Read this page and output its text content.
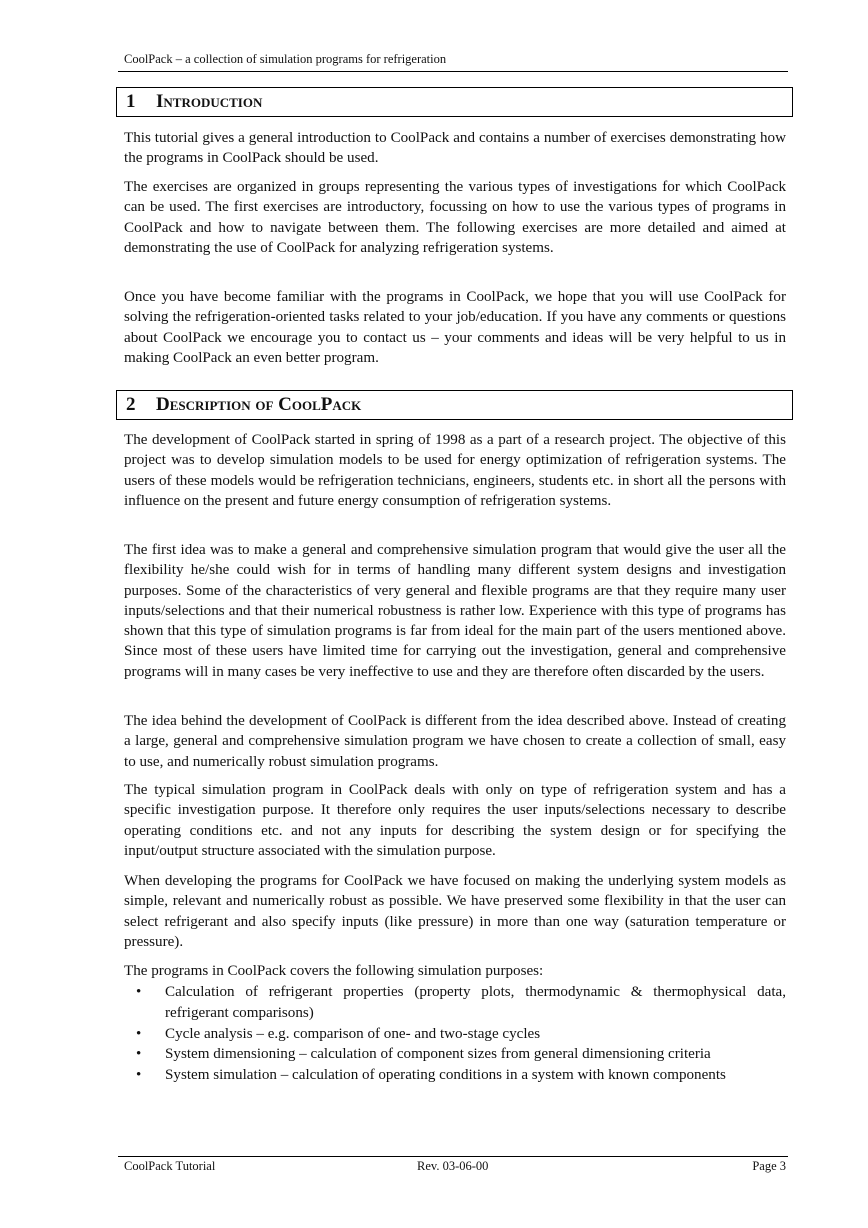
CoolPack – a collection of simulation programs for refrigeration
1	Introduction

This tutorial gives a general introduction to CoolPack and contains a number of exercises demonstrating how the programs in CoolPack should be used.

The exercises are organized in groups representing the various types of investigations for which CoolPack can be used. The first exercises are introductory, focussing on how to use the various types of programs in CoolPack and how to navigate between them. The following exercises are more detailed and aimed at demonstrating the use of CoolPack for analyzing refrigeration systems.

Once you have become familiar with the programs in CoolPack, we hope that you will use CoolPack for solving the refrigeration-oriented tasks related to your job/education. If you have any comments or questions about CoolPack we encourage you to contact us – your comments and ideas will be very helpful to us in making CoolPack an even better program.

2	Description of CoolPack

The development of CoolPack started in spring of 1998 as a part of a research project. The objective of this project was to develop simulation models to be used for energy optimization of refrigeration systems. The users of these models would be refrigeration technicians, engineers, students etc. in short all the persons with influence on the present and future energy consumption of refrigeration systems.

The first idea was to make a general and comprehensive simulation program that would give the user all the flexibility he/she could wish for in terms of handling many different system designs and investigation purposes. Some of the characteristics of very general and flexible programs are that they require many user inputs/selections and that their numerical robustness is rather low. Experience with this type of programs has shown that this type of simulation programs is far from ideal for the main part of the users mentioned above. Since most of these users have limited time for carrying out the investigation, general and comprehensive programs will in many cases be very ineffective to use and they are therefore often discarded by the users.

The idea behind the development of CoolPack is different from the idea described above. Instead of creating a large, general and comprehensive simulation program we have chosen to create a collection of small, easy to use, and numerically robust simulation programs.

The typical simulation program in CoolPack deals with only on type of refrigeration system and has a specific investigation purpose. It therefore only requires the user inputs/selections necessary to describe operating conditions etc. and not any inputs for describing the system design or for specifying the input/output structure associated with the simulation purpose.

When developing the programs for CoolPack we have focused on making the underlying system models as simple, relevant and numerically robust as possible. We have preserved some flexibility in that the user can select refrigerant and also specify inputs (like pressure) in more than one way (saturation temperature or pressure).

The programs in CoolPack covers the following simulation purposes:

• Calculation of refrigerant properties (property plots, thermodynamic & thermophysical data, refrigerant comparisons)
• Cycle analysis – e.g. comparison of one- and two-stage cycles
• System dimensioning – calculation of component sizes from general dimensioning criteria
• System simulation – calculation of operating conditions in a system with known components
CoolPack Tutorial	Rev. 03-06-00	Page 3
